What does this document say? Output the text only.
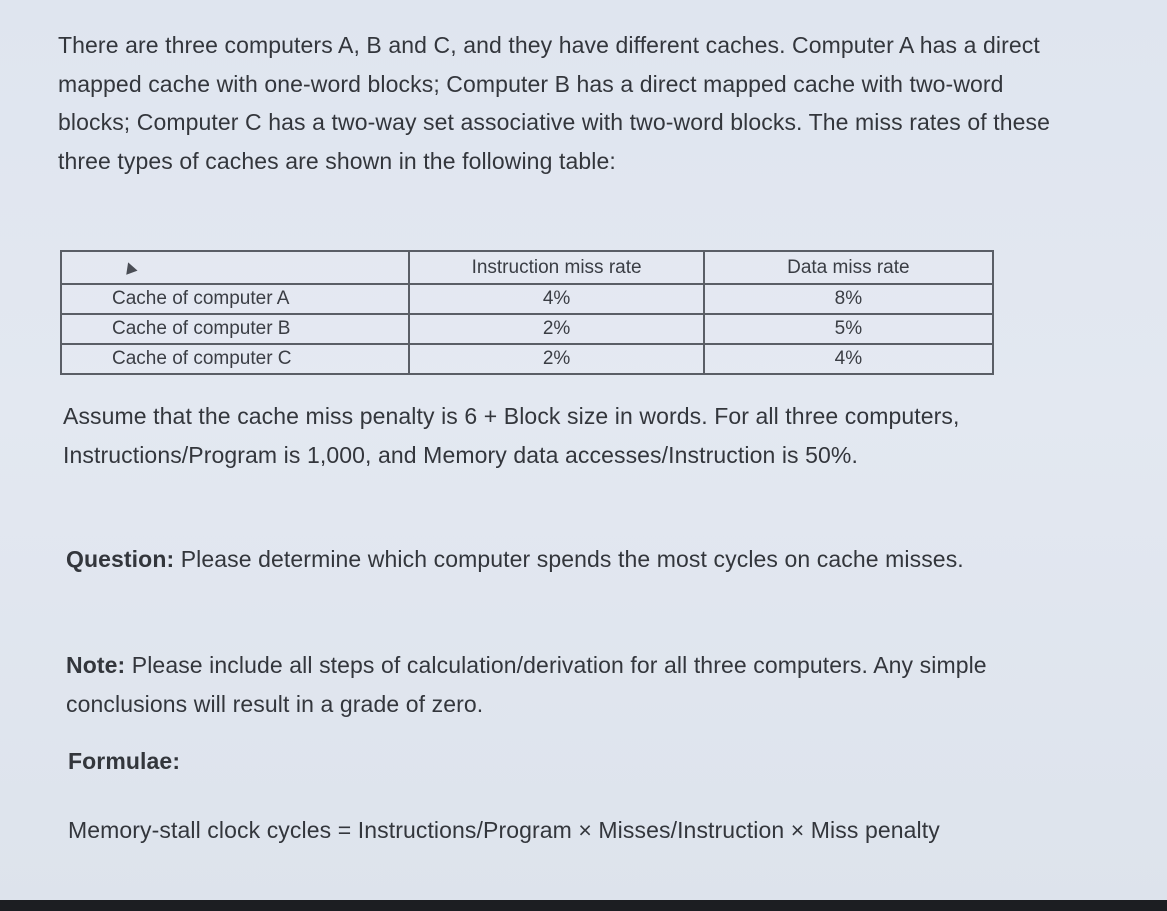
There are three computers A, B and C, and they have different caches. Computer A has a direct mapped cache with one-word blocks; Computer B has a direct mapped cache with two-word blocks; Computer C has a two-way set associative with two-word blocks. The miss rates of these three types of caches are shown in the following table:

	Instruction miss rate	Data miss rate
Cache of computer A	4%	8%
Cache of computer B	2%	5%
Cache of computer C	2%	4%

Assume that the cache miss penalty is 6 + Block size in words. For all three computers, Instructions/Program is 1,000, and Memory data accesses/Instruction is 50%.

Question: Please determine which computer spends the most cycles on cache misses.

Note: Please include all steps of calculation/derivation for all three computers. Any simple conclusions will result in a grade of zero.

Formulae:

Memory-stall clock cycles = Instructions/Program × Misses/Instruction × Miss penalty
